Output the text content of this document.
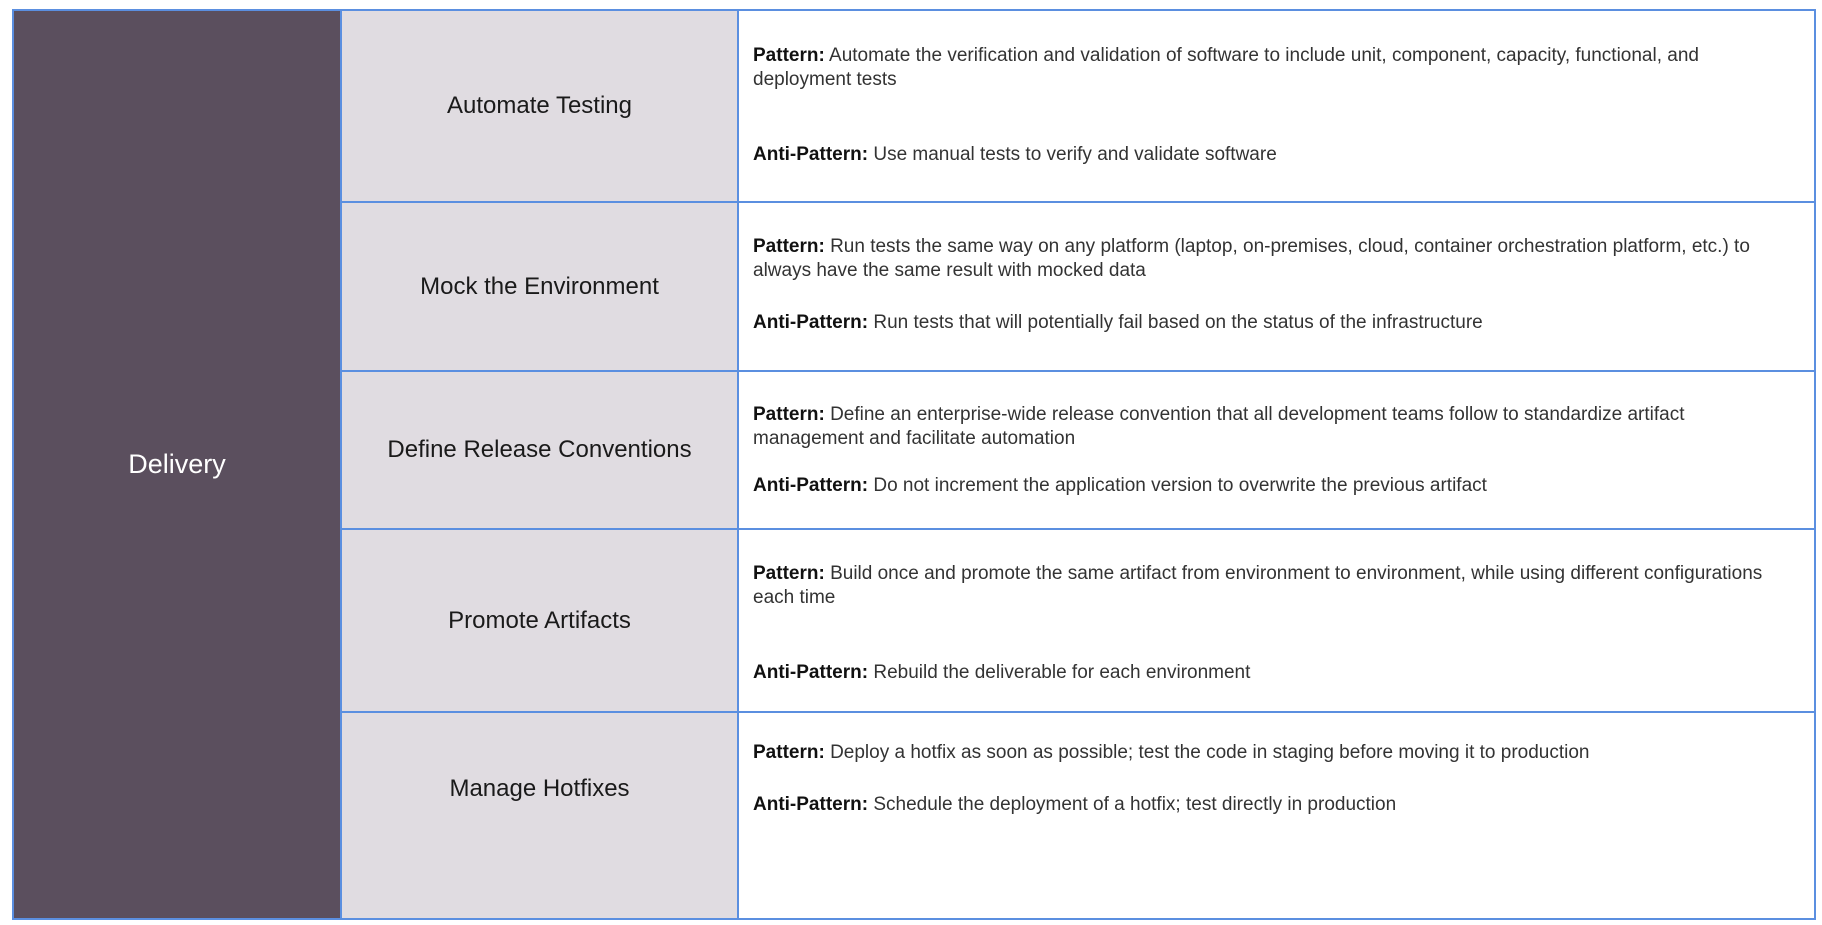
Delivery
Automate Testing

Pattern: Automate the verification and validation of software to include unit, component, capacity, functional, and deployment tests

Anti-Pattern: Use manual tests to verify and validate software

Mock the Environment

Pattern: Run tests the same way on any platform (laptop, on-premises, cloud, container orchestration platform, etc.) to always have the same result with mocked data

Anti-Pattern: Run tests that will potentially fail based on the status of the infrastructure

Define Release Conventions

Pattern: Define an enterprise-wide release convention that all development teams follow to standardize artifact management and facilitate automation

Anti-Pattern: Do not increment the application version to overwrite the previous artifact

Promote Artifacts

Pattern: Build once and promote the same artifact from environment to environment, while using different configurations each time

Anti-Pattern: Rebuild the deliverable for each environment

Manage Hotfixes

Pattern: Deploy a hotfix as soon as possible; test the code in staging before moving it to production

Anti-Pattern: Schedule the deployment of a hotfix; test directly in production
